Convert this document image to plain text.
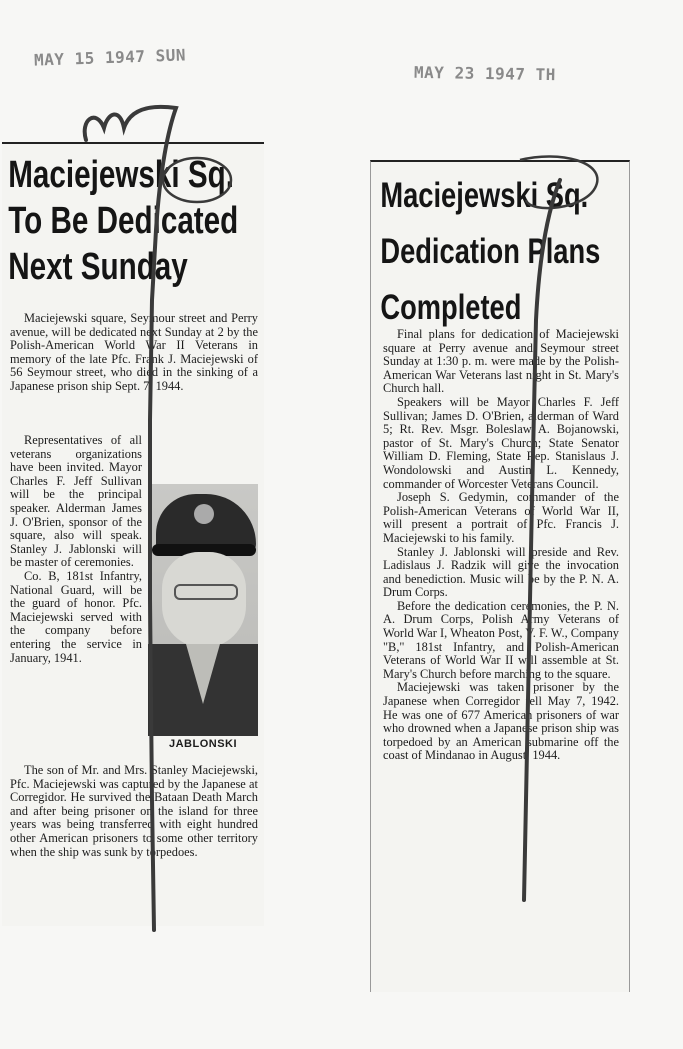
MAY 15 1947 SUN
MAY 23 1947 TH
Maciejewski Sq.
To Be Dedicated
Next Sunday

Maciejewski square, Seymour street and Perry avenue, will be dedicated next Sunday at 2 by the Polish-American World War II Veterans in memory of the late Pfc. Frank J. Maciejewski of 56 Seymour street, who died in the sinking of a Japanese prison ship Sept. 7, 1944.

Representatives of all veterans organizations have been invited. Mayor Charles F. Jeff Sullivan will be the principal speaker. Alderman James J. O'Brien, sponsor of the square, also will speak. Stanley J. Jablonski will be master of ceremonies.

Co. B, 181st Infantry, National Guard, will be the guard of honor. Pfc. Maciejewski served with the company before entering the service in January, 1941.

JABLONSKI

The son of Mr. and Mrs. Stanley Maciejewski, Pfc. Maciejewski was captured by the Japanese at Corregidor. He survived the Bataan Death March and after being prisoner on the island for three years was being transferred with eight hundred other American prisoners to some other territory when the ship was sunk by torpedoes.

Maciejewski Sq.
Dedication Plans
Completed

Final plans for dedication of Maciejewski square at Perry avenue and Seymour street Sunday at 1:30 p. m. were made by the Polish-American War Veterans last night in St. Mary's Church hall.

Speakers will be Mayor Charles F. Jeff Sullivan; James D. O'Brien, alderman of Ward 5; Rt. Rev. Msgr. Boleslaw A. Bojanowski, pastor of St. Mary's Church; State Senator William D. Fleming, State Rep. Stanislaus J. Wondolowski and Austin L. Kennedy, commander of Worcester Veterans Council.

Joseph S. Gedymin, commander of the Polish-American Veterans of World War II, will present a portrait of Pfc. Francis J. Maciejewski to his family.

Stanley J. Jablonski will preside and Rev. Ladislaus J. Radzik will give the invocation and benediction. Music will be by the P. N. A. Drum Corps.

Before the dedication ceremonies, the P. N. A. Drum Corps, Polish Army Veterans of World War I, Wheaton Post, V. F. W., Company "B," 181st Infantry, and Polish-American Veterans of World War II will assemble at St. Mary's Church before marching to the square.

Maciejewski was taken prisoner by the Japanese when Corregidor fell May 7, 1942. He was one of 677 American prisoners of war who drowned when a Japanese prison ship was torpedoed by an American submarine off the coast of Mindanao in August, 1944.
